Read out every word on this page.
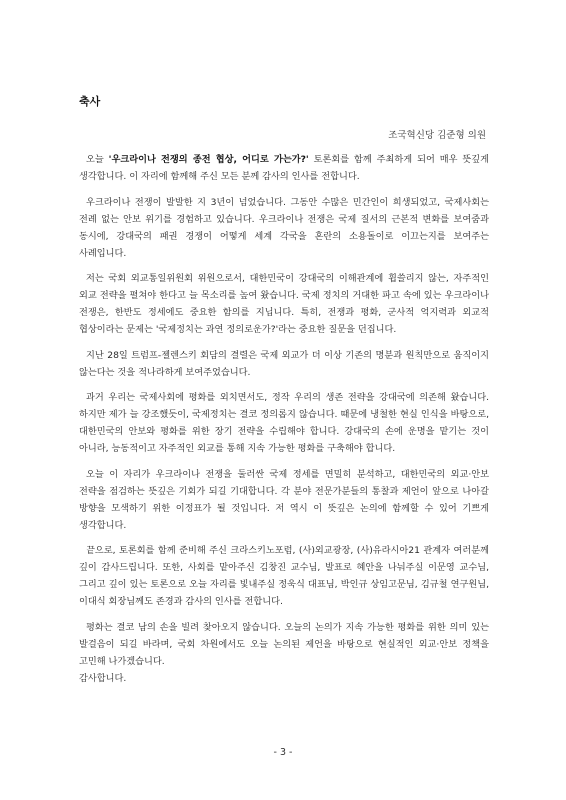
축사
조국혁신당 김준형 의원

오늘 '우크라이나 전쟁의 종전 협상, 어디로 가는가?' 토론회를 함께 주최하게 되어 매우 뜻깊게 생각합니다. 이 자리에 함께해 주신 모든 분께 감사의 인사를 전합니다.

우크라이나 전쟁이 발발한 지 3년이 넘었습니다. 그동안 수많은 민간인이 희생되었고, 국제사회는 전례 없는 안보 위기를 경험하고 있습니다. 우크라이나 전쟁은 국제 질서의 근본적 변화를 보여줌과 동시에, 강대국의 패권 경쟁이 어떻게 세계 각국을 혼란의 소용돌이로 이끄는지를 보여주는 사례입니다.

저는 국회 외교통일위원회 위원으로서, 대한민국이 강대국의 이해관계에 휩쓸리지 않는, 자주적인 외교 전략을 펼쳐야 한다고 늘 목소리를 높여 왔습니다. 국제 정치의 거대한 파고 속에 있는 우크라이나 전쟁은, 한반도 정세에도 중요한 함의를 지닙니다. 특히, 전쟁과 평화, 군사적 억지력과 외교적 협상이라는 문제는 '국제정치는 과연 정의로운가?'라는 중요한 질문을 던집니다.

지난 28일 트럼프-젤렌스키 회담의 결렬은 국제 외교가 더 이상 기존의 명분과 원칙만으로 움직이지 않는다는 것을 적나라하게 보여주었습니다.

과거 우리는 국제사회에 평화를 외치면서도, 정작 우리의 생존 전략을 강대국에 의존해 왔습니다. 하지만 제가 늘 강조했듯이, 국제정치는 결코 정의롭지 않습니다. 때문에 냉철한 현실 인식을 바탕으로, 대한민국의 안보와 평화를 위한 장기 전략을 수립해야 합니다. 강대국의 손에 운명을 맡기는 것이 아니라, 능동적이고 자주적인 외교를 통해 지속 가능한 평화를 구축해야 합니다.

오늘 이 자리가 우크라이나 전쟁을 둘러싼 국제 정세를 면밀히 분석하고, 대한민국의 외교·안보 전략을 점검하는 뜻깊은 기회가 되길 기대합니다. 각 분야 전문가분들의 통찰과 제언이 앞으로 나아갈 방향을 모색하기 위한 이정표가 될 것입니다. 저 역시 이 뜻깊은 논의에 함께할 수 있어 기쁘게 생각합니다.

끝으로, 토론회를 함께 준비해 주신 크라스키노포럼, (사)외교광장, (사)유라시아21 관계자 여러분께 깊이 감사드립니다. 또한, 사회를 맡아주신 김창진 교수님, 발표로 혜안을 나눠주실 이문영 교수님, 그리고 깊이 있는 토론으로 오늘 자리를 빛내주실 정욱식 대표님, 박인규 상임고문님, 김규철 연구원님, 이대식 회장님께도 존경과 감사의 인사를 전합니다.

평화는 결코 남의 손을 빌려 찾아오지 않습니다. 오늘의 논의가 지속 가능한 평화를 위한 의미 있는 발걸음이 되길 바라며, 국회 차원에서도 오늘 논의된 제언을 바탕으로 현실적인 외교·안보 정책을 고민해 나가겠습니다.

감사합니다.

- 3 -
